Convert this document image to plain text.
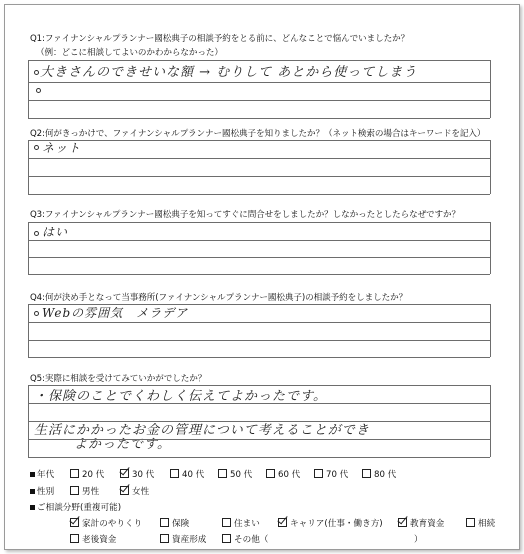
Q1:ファイナンシャルプランナー國松典子の相談予約をとる前に、どんなことで悩んでいましたか？
（例：どこに相談してよいのかわからなかった）
大きさんのできせいな額 → むりして あとから使ってしまう
Q2:何がきっかけで、ファイナンシャルプランナー國松典子を知りましたか？（ネット検索の場合はキーワードを記入）
ネット
Q3:ファイナンシャルプランナー國松典子を知ってすぐに問合せをしましたか？しなかったとしたらなぜですか？
はい
Q4:何が決め手となって当事務所(ファイナンシャルプランナー國松典子)の相談予約をしましたか？
Webの雰囲気　メラデア
Q5:実際に相談を受けてみていかがでしたか？
・保険のことでくわしく伝えてよかったです。
生活にかかったお金の管理について考えることができ
よかったです。
年代	20 代	30 代	40 代	50 代	60 代	70 代	80 代
性別	男性	女性
ご相談分野(重複可能)
家計のやりくり	保険	住まい	キャリア(仕事・働き方)	教育資金	相続
老後資金	資産形成	その他（	）
